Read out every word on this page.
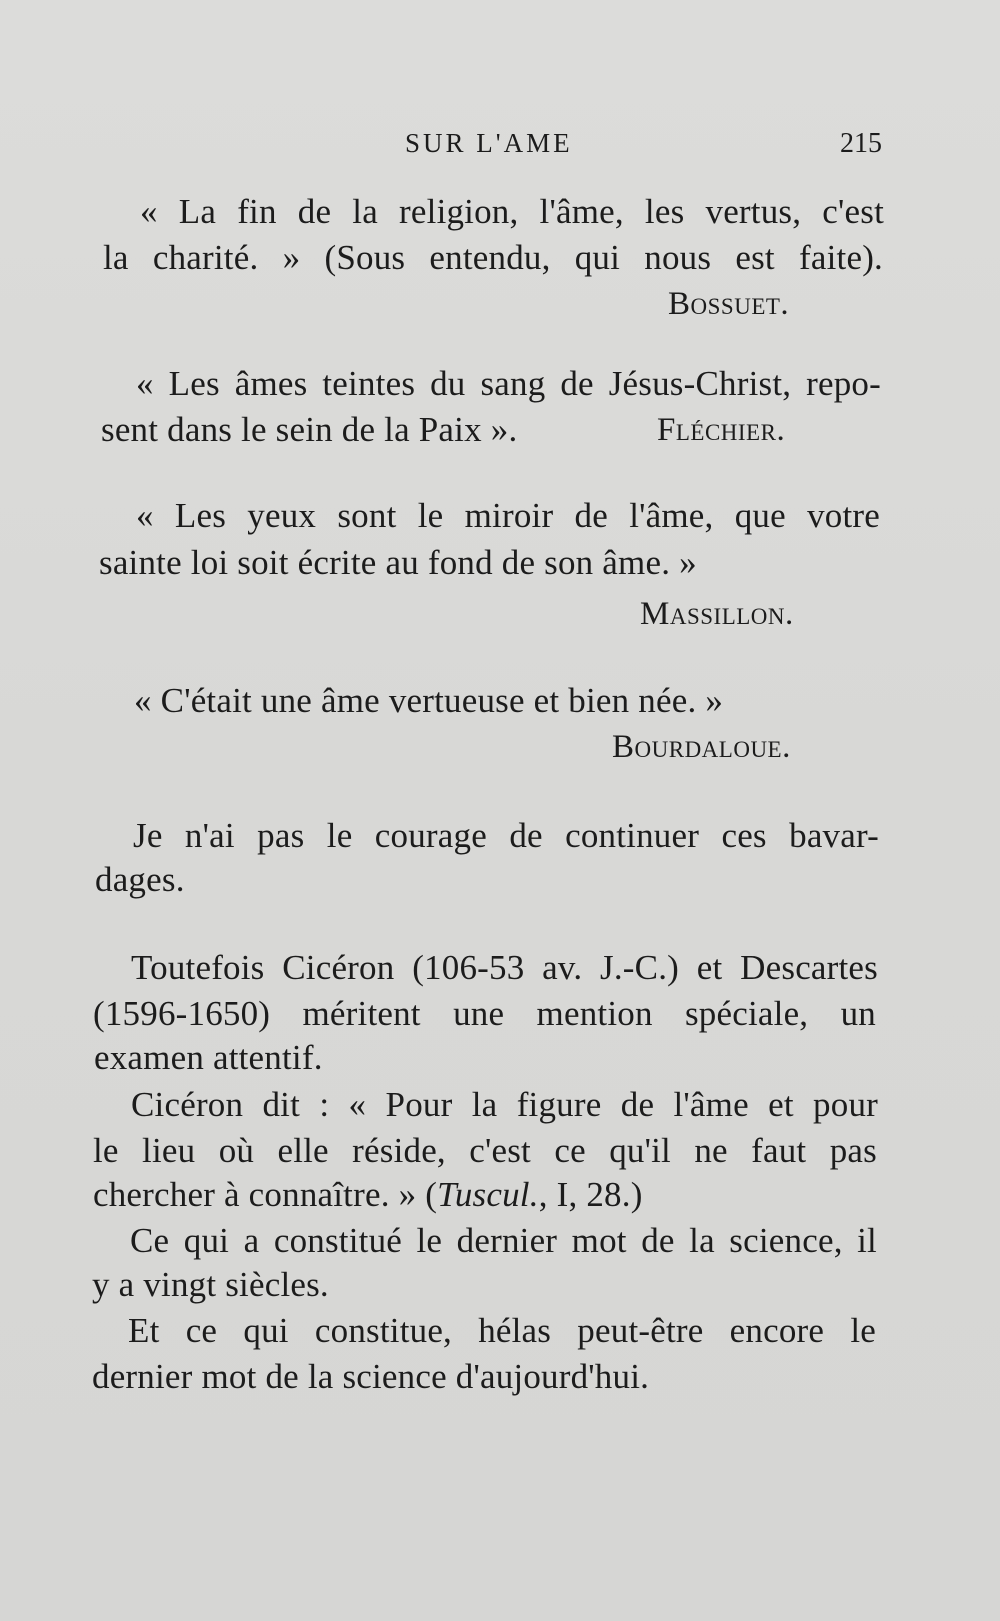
SUR L'AME	215
« La fin de la religion, l'âme, les vertus, c'est
la charité. » (Sous entendu, qui nous est faite).
Bossuet.
« Les âmes teintes du sang de Jésus-Christ, repo-
sent dans le sein de la Paix ».	Fléchier.
« Les yeux sont le miroir de l'âme, que votre
sainte loi soit écrite au fond de son âme. »
Massillon.
« C'était une âme vertueuse et bien née. »
Bourdaloue.
Je n'ai pas le courage de continuer ces bavar-
dages.
Toutefois Cicéron (106-53 av. J.-C.) et Descartes
(1596-1650) méritent une mention spéciale, un
examen attentif.
Cicéron dit : « Pour la figure de l'âme et pour
le lieu où elle réside, c'est ce qu'il ne faut pas
chercher à connaître. » (Tuscul., I, 28.)
Ce qui a constitué le dernier mot de la science, il
y a vingt siècles.
Et ce qui constitue, hélas peut-être encore le
dernier mot de la science d'aujourd'hui.
